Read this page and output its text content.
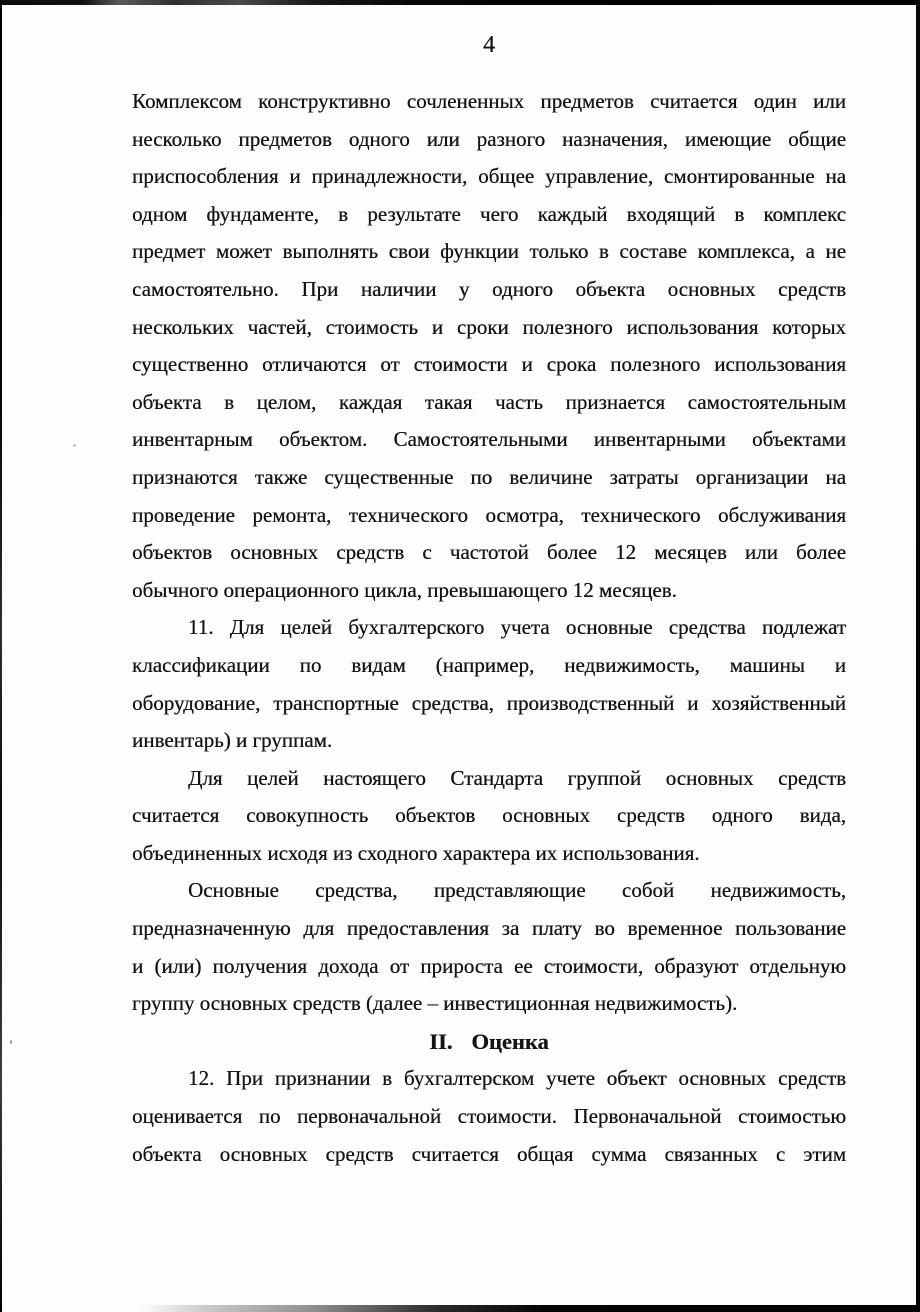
4
Комплексом конструктивно сочлененных предметов считается один или
несколько предметов одного или разного назначения, имеющие общие
приспособления и принадлежности, общее управление, смонтированные на
одном фундаменте, в результате чего каждый входящий в комплекс
предмет может выполнять свои функции только в составе комплекса, а не
самостоятельно. При наличии у одного объекта основных средств
нескольких частей, стоимость и сроки полезного использования которых
существенно отличаются от стоимости и срока полезного использования
объекта в целом, каждая такая часть признается самостоятельным
инвентарным объектом. Самостоятельными инвентарными объектами
признаются также существенные по величине затраты организации на
проведение ремонта, технического осмотра, технического обслуживания
объектов основных средств с частотой более 12 месяцев или более
обычного операционного цикла, превышающего 12 месяцев.
11. Для целей бухгалтерского учета основные средства подлежат
классификации по видам (например, недвижимость, машины и
оборудование, транспортные средства, производственный и хозяйственный
инвентарь) и группам.
Для целей настоящего Стандарта группой основных средств
считается совокупность объектов основных средств одного вида,
объединенных исходя из сходного характера их использования.
Основные средства, представляющие собой недвижимость,
предназначенную для предоставления за плату во временное пользование
и (или) получения дохода от прироста ее стоимости, образуют отдельную
группу основных средств (далее – инвестиционная недвижимость).
II. Оценка
12. При признании в бухгалтерском учете объект основных средств
оценивается по первоначальной стоимости. Первоначальной стоимостью
объекта основных средств считается общая сумма связанных с этим
